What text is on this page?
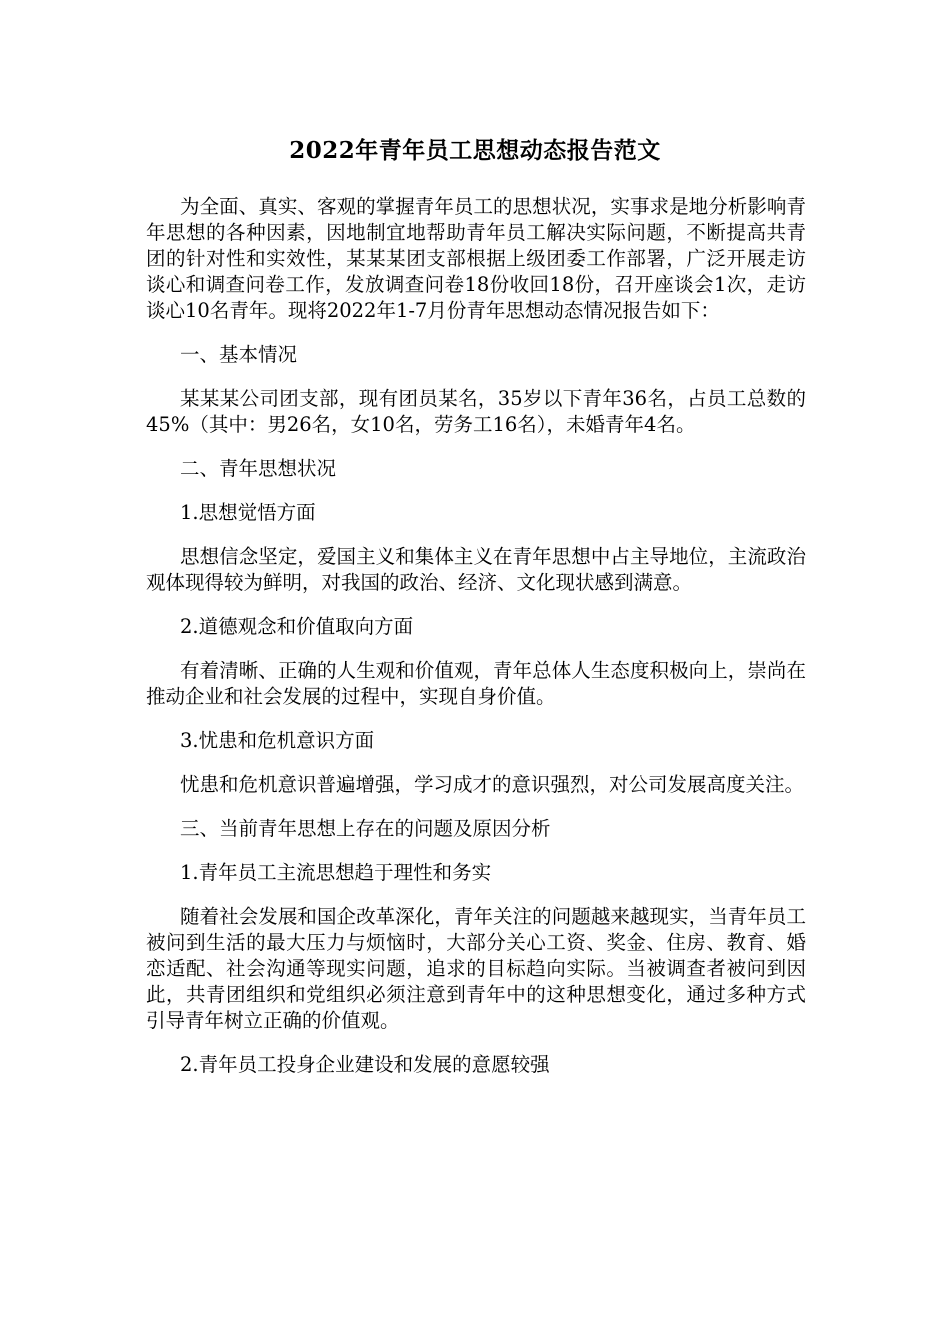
2022年青年员工思想动态报告范文

为全面、真实、客观的掌握青年员工的思想状况，实事求是地分析影响青年思想的各种因素，因地制宜地帮助青年员工解决实际问题，不断提高共青团的针对性和实效性，某某某团支部根据上级团委工作部署，广泛开展走访谈心和调查问卷工作，发放调查问卷18份收回18份，召开座谈会1次，走访谈心10名青年。现将2022年1-7月份青年思想动态情况报告如下：

一、基本情况

某某某公司团支部，现有团员某名，35岁以下青年36名，占员工总数的45%（其中：男26名，女10名，劳务工16名），未婚青年4名。

二、青年思想状况

1.思想觉悟方面

思想信念坚定，爱国主义和集体主义在青年思想中占主导地位，主流政治观体现得较为鲜明，对我国的政治、经济、文化现状感到满意。

2.道德观念和价值取向方面

有着清晰、正确的人生观和价值观，青年总体人生态度积极向上，崇尚在推动企业和社会发展的过程中，实现自身价值。

3.忧患和危机意识方面

忧患和危机意识普遍增强，学习成才的意识强烈，对公司发展高度关注。

三、当前青年思想上存在的问题及原因分析

1.青年员工主流思想趋于理性和务实

随着社会发展和国企改革深化，青年关注的问题越来越现实，当青年员工被问到生活的最大压力与烦恼时，大部分关心工资、奖金、住房、教育、婚恋适配、社会沟通等现实问题，追求的目标趋向实际。当被调查者被问到因此，共青团组织和党组织必须注意到青年中的这种思想变化，通过多种方式引导青年树立正确的价值观。

2.青年员工投身企业建设和发展的意愿较强
